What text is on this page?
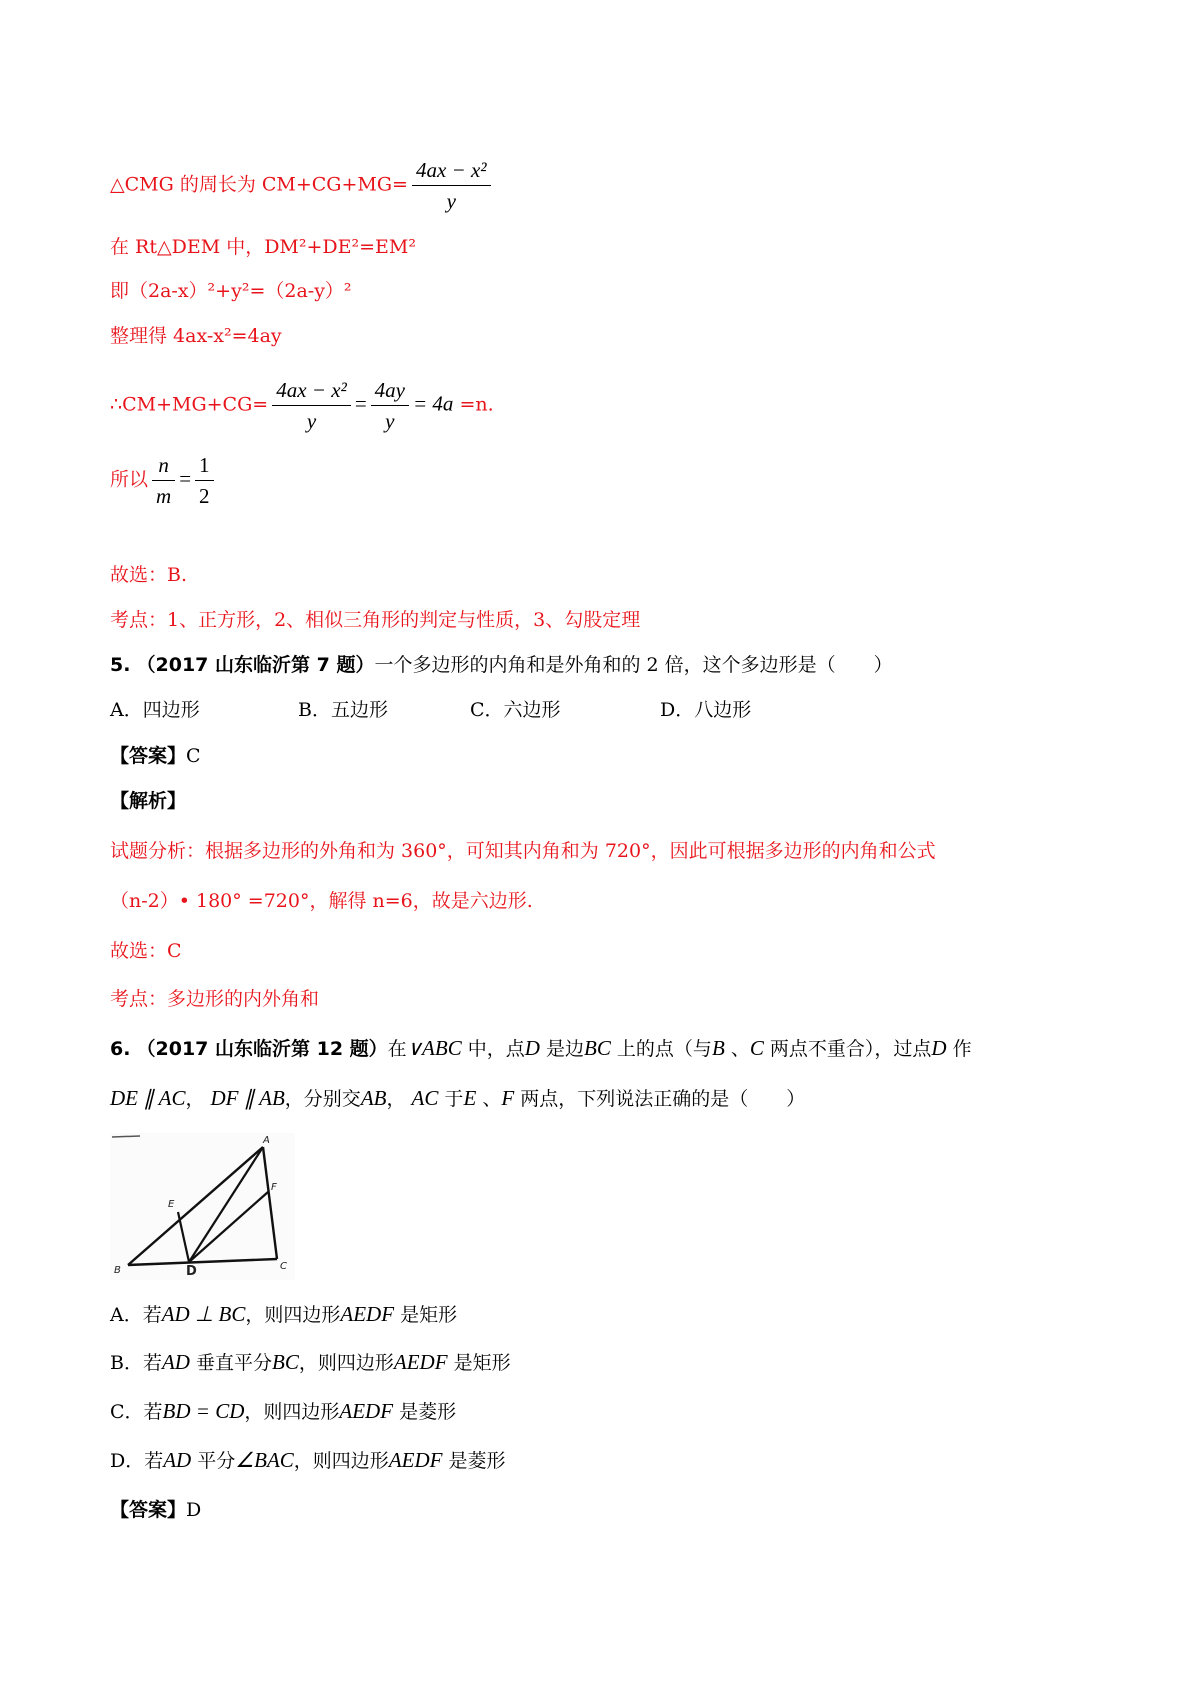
△CMG 的周长为 $CM+CG+MG= \frac{\text{4ax − x²}}{y}$
在 Rt△DEM 中，DM²+DE²=EM²
即（2a-x）²+y²=（2a-y）²
整理得 4ax-x²=4ay
∴CM+MG+CG= $\frac{\text{4ax − x²}}{y} = \frac{4ay}{y} = 4a =n$.
所以 $\frac{n}{m} = \frac{1}{2}$
故选：B.
考点：1、正方形，2、相似三角形的判定与性质，3、勾股定理
5. （2017 山东临沂第 7 题）一个多边形的内角和是外角和的 2 倍，这个多边形是（　　）
A．四边形	B．五边形	C．六边形	D．八边形
【答案】C
【解析】
试题分析：根据多边形的外角和为 360°，可知其内角和为 720°，因此可根据多边形的内角和公式
（n-2）• 180° =720°，解得 n=6，故是六边形.
故选：C
考点：多边形的内外角和
6. （2017 山东临沂第 12 题）在∨ABC 中，点D 是边BC 上的点（与B 、C 两点不重合），过点D 作
DE ∥ AC， DF ∥ AB，分别交AB， AC 于E 、F 两点，下列说法正确的是（　　）
A
E
F
B	D	C
A．若AD ⊥ BC，则四边形AEDF 是矩形
B．若AD 垂直平分BC，则四边形AEDF 是矩形
C．若BD = CD，则四边形AEDF 是菱形
D．若AD 平分∠BAC，则四边形AEDF 是菱形
【答案】D
